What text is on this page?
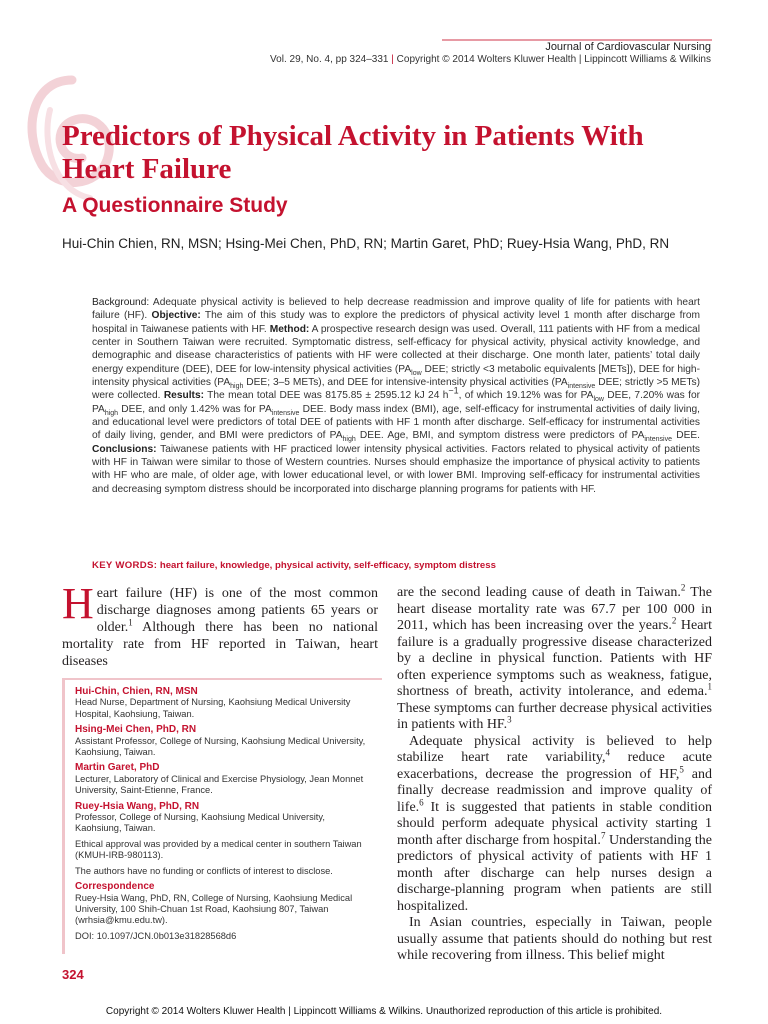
Journal of Cardiovascular Nursing
Vol. 29, No. 4, pp 324–331 | Copyright © 2014 Wolters Kluwer Health | Lippincott Williams & Wilkins
Predictors of Physical Activity in Patients With Heart Failure
A Questionnaire Study
Hui-Chin Chien, RN, MSN; Hsing-Mei Chen, PhD, RN; Martin Garet, PhD; Ruey-Hsia Wang, PhD, RN
Background: Adequate physical activity is believed to help decrease readmission and improve quality of life for patients with heart failure (HF). Objective: The aim of this study was to explore the predictors of physical activity level 1 month after discharge from hospital in Taiwanese patients with HF. Method: A prospective research design was used. Overall, 111 patients with HF from a medical center in Southern Taiwan were recruited. Symptomatic distress, self-efficacy for physical activity, physical activity knowledge, and demographic and disease characteristics of patients with HF were collected at their discharge. One month later, patients’ total daily energy expenditure (DEE), DEE for low-intensity physical activities ($PA_{low}$ DEE; strictly <3 metabolic equivalents [METs]), DEE for high-intensity physical activities ($PA_{high}$ DEE; 3–5 METs), and DEE for intensive-intensity physical activities ($PA_{intensive}$ DEE; strictly >5 METs) were collected. Results: The mean total DEE was 8175.85 ± 2595.12 kJ 24 $h^{-1}$, of which 19.12% was for $PA_{low}$ DEE, 7.20% was for $PA_{high}$ DEE, and only 1.42% was for $PA_{intensive}$ DEE. Body mass index (BMI), age, self-efficacy for instrumental activities of daily living, and educational level were predictors of total DEE of patients with HF 1 month after discharge. Self-efficacy for instrumental activities of daily living, gender, and BMI were predictors of $PA_{high}$ DEE. Age, BMI, and symptom distress were predictors of $PA_{intensive}$ DEE. Conclusions: Taiwanese patients with HF practiced lower intensity physical activities. Factors related to physical activity of patients with HF in Taiwan were similar to those of Western countries. Nurses should emphasize the importance of physical activity to patients with HF who are male, of older age, with lower educational level, or with lower BMI. Improving self-efficacy for instrumental activities and decreasing symptom distress should be incorporated into discharge planning programs for patients with HF.
KEY WORDS: heart failure, knowledge, physical activity, self-efficacy, symptom distress
Heart failure (HF) is one of the most common discharge diagnoses among patients 65 years or older.$^1$ Although there has been no national mortality rate from HF reported in Taiwan, heart diseases

are the second leading cause of death in Taiwan.$^2$ The heart disease mortality rate was 67.7 per 100 000 in 2011, which has been increasing over the years.$^2$ Heart failure is a gradually progressive disease characterized by a decline in physical function. Patients with HF often experience symptoms such as weakness, fatigue, shortness of breath, activity intolerance, and edema.$^1$ These symptoms can further decrease physical activities in patients with HF.$^3$

Adequate physical activity is believed to help stabilize heart rate variability,$^4$ reduce acute exacerbations, decrease the progression of HF,$^5$ and finally decrease readmission and improve quality of life.$^6$ It is suggested that patients in stable condition should perform adequate physical activity starting 1 month after discharge from hospital.$^7$ Understanding the predictors of physical activity of patients with HF 1 month after discharge can help nurses design a discharge-planning program when patients are still hospitalized.

In Asian countries, especially in Taiwan, people usually assume that patients should do nothing but rest while recovering from illness. This belief might

Hui-Chin, Chien, RN, MSN
Head Nurse, Department of Nursing, Kaohsiung Medical University Hospital, Kaohsiung, Taiwan.
Hsing-Mei Chen, PhD, RN
Assistant Professor, College of Nursing, Kaohsiung Medical University, Kaohsiung, Taiwan.
Martin Garet, PhD
Lecturer, Laboratory of Clinical and Exercise Physiology, Jean Monnet University, Saint-Etienne, France.
Ruey-Hsia Wang, PhD, RN
Professor, College of Nursing, Kaohsiung Medical University, Kaohsiung, Taiwan.
Ethical approval was provided by a medical center in southern Taiwan (KMUH-IRB-980113).
The authors have no funding or conflicts of interest to disclose.
Correspondence
Ruey-Hsia Wang, PhD, RN, College of Nursing, Kaohsiung Medical University, 100 Shih-Chuan 1st Road, Kaohsiung 807, Taiwan (wrhsia@kmu.edu.tw).
DOI: 10.1097/JCN.0b013e31828568d6
324
Copyright © 2014 Wolters Kluwer Health | Lippincott Williams & Wilkins. Unauthorized reproduction of this article is prohibited.
